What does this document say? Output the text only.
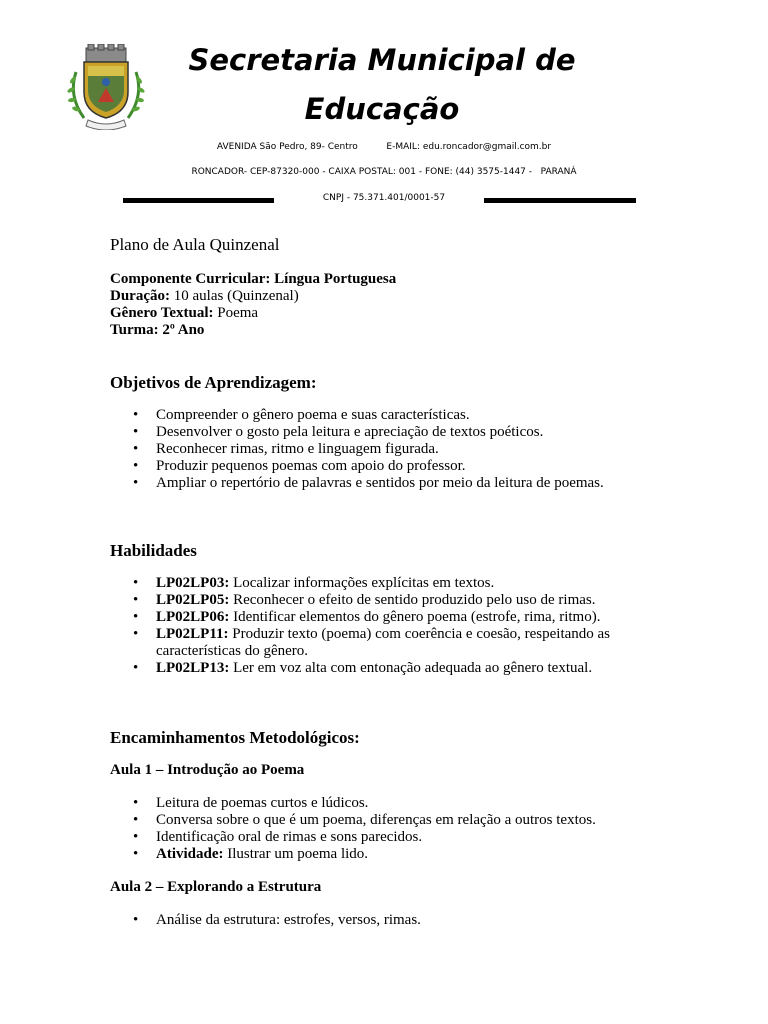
Secretaria Municipal de
Educação
AVENIDA São Pedro, 89- Centro          E-MAIL: edu.roncador@gmail.com.br
RONCADOR- CEP-87320-000 - CAIXA POSTAL: 001 - FONE: (44) 3575-1447 -   PARANÁ
CNPJ - 75.371.401/0001-57
Plano de Aula Quinzenal
Componente Curricular: Língua Portuguesa
Duração: 10 aulas (Quinzenal)
Gênero Textual: Poema
Turma: 2º Ano
Objetivos de Aprendizagem:
• Compreender o gênero poema e suas características.
• Desenvolver o gosto pela leitura e apreciação de textos poéticos.
• Reconhecer rimas, ritmo e linguagem figurada.
• Produzir pequenos poemas com apoio do professor.
• Ampliar o repertório de palavras e sentidos por meio da leitura de poemas.
Habilidades
• LP02LP03: Localizar informações explícitas em textos.
• LP02LP05: Reconhecer o efeito de sentido produzido pelo uso de rimas.
• LP02LP06: Identificar elementos do gênero poema (estrofe, rima, ritmo).
• LP02LP11: Produzir texto (poema) com coerência e coesão, respeitando as características do gênero.
• LP02LP13: Ler em voz alta com entonação adequada ao gênero textual.
Encaminhamentos Metodológicos:
Aula 1 – Introdução ao Poema
• Leitura de poemas curtos e lúdicos.
• Conversa sobre o que é um poema, diferenças em relação a outros textos.
• Identificação oral de rimas e sons parecidos.
• Atividade: Ilustrar um poema lido.
Aula 2 – Explorando a Estrutura
• Análise da estrutura: estrofes, versos, rimas.
